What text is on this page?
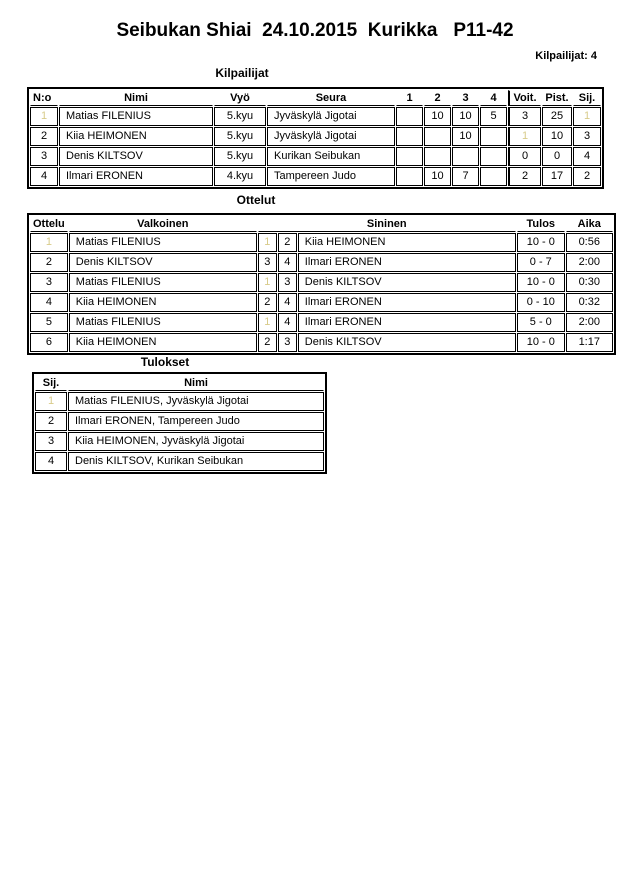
Seibukan Shiai  24.10.2015  Kurikka   P11-42
Kilpailijat: 4
Kilpailijat
N:o	Nimi	Vyö	Seura	1	2	3	4	Voit.	Pist.	Sij.
1	Matias FILENIUS	5.kyu	Jyväskylä Jigotai		10	10	5	3	25	1
2	Kiia HEIMONEN	5.kyu	Jyväskylä Jigotai			10		1	10	3
3	Denis KILTSOV	5.kyu	Kurikan Seibukan					0	0	4
4	Ilmari ERONEN	4.kyu	Tampereen Judo		10	7		2	17	2
Ottelut
Ottelu	Valkoinen	Sininen			Tulos	Aika
1	Matias FILENIUS	1	2	Kiia HEIMONEN	10 - 0	0:56
2	Denis KILTSOV	3	4	Ilmari ERONEN	0 - 7	2:00
3	Matias FILENIUS	1	3	Denis KILTSOV	10 - 0	0:30
4	Kiia HEIMONEN	2	4	Ilmari ERONEN	0 - 10	0:32
5	Matias FILENIUS	1	4	Ilmari ERONEN	5 - 0	2:00
6	Kiia HEIMONEN	2	3	Denis KILTSOV	10 - 0	1:17
Tulokset
Sij.	Nimi
1	Matias FILENIUS, Jyväskylä Jigotai
2	Ilmari ERONEN, Tampereen Judo
3	Kiia HEIMONEN, Jyväskylä Jigotai
4	Denis KILTSOV, Kurikan Seibukan
